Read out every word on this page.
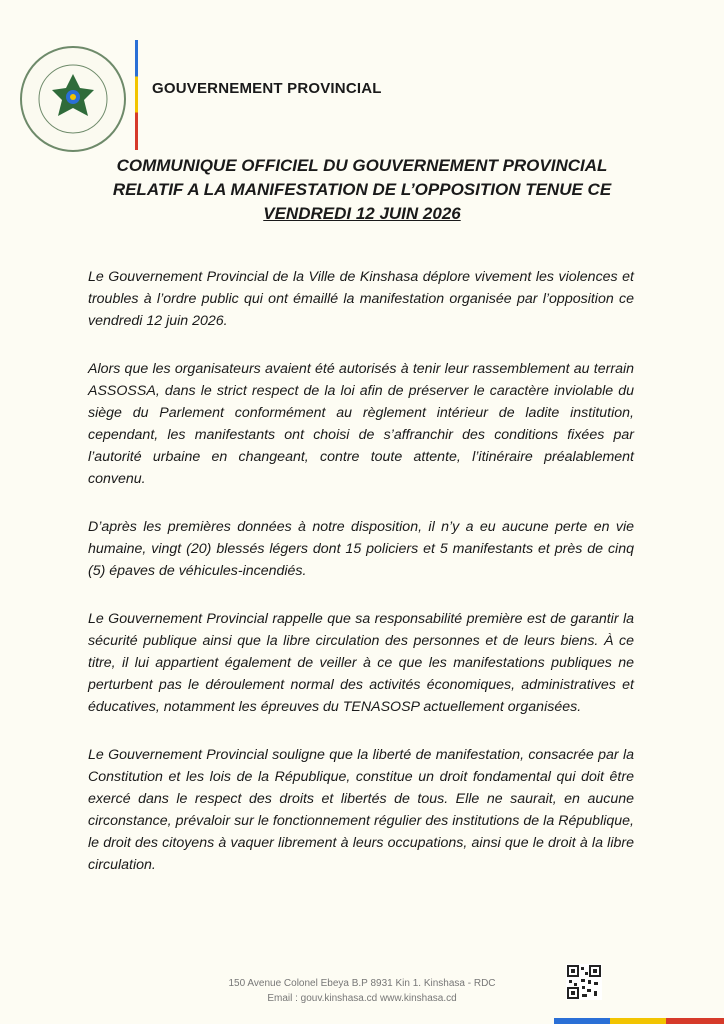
GOUVERNEMENT PROVINCIAL
COMMUNIQUE OFFICIEL DU GOUVERNEMENT PROVINCIAL
RELATIF A LA MANIFESTATION DE L’OPPOSITION TENUE CE
VENDREDI 12 JUIN 2026

Le Gouvernement Provincial de la Ville de Kinshasa déplore vivement les violences et troubles à l’ordre public qui ont émaillé la manifestation organisée par l’opposition ce vendredi 12 juin 2026.

Alors que les organisateurs avaient été autorisés à tenir leur rassemblement au terrain ASSOSSA, dans le strict respect de la loi afin de préserver le caractère inviolable du siège du Parlement conformément au règlement intérieur de ladite institution, cependant, les manifestants ont choisi de s’affranchir des conditions fixées par l’autorité urbaine en changeant, contre toute attente, l’itinéraire préalablement convenu.

D’après les premières données à notre disposition, il n’y a eu aucune perte en vie humaine, vingt (20) blessés légers dont 15 policiers et 5 manifestants et près de cinq (5) épaves de véhicules-incendiés.

Le Gouvernement Provincial rappelle que sa responsabilité première est de garantir la sécurité publique ainsi que la libre circulation des personnes et de leurs biens. À ce titre, il lui appartient également de veiller à ce que les manifestations publiques ne perturbent pas le déroulement normal des activités économiques, administratives et éducatives, notamment les épreuves du TENASOSP actuellement organisées.

Le Gouvernement Provincial souligne que la liberté de manifestation, consacrée par la Constitution et les lois de la République, constitue un droit fondamental qui doit être exercé dans le respect des droits et libertés de tous. Elle ne saurait, en aucune circonstance, prévaloir sur le fonctionnement régulier des institutions de la République, le droit des citoyens à vaquer librement à leurs occupations, ainsi que le droit à la libre circulation.

150 Avenue Colonel Ebeya B.P 8931 Kin 1. Kinshasa - RDC
Email : gouv.kinshasa.cd www.kinshasa.cd
